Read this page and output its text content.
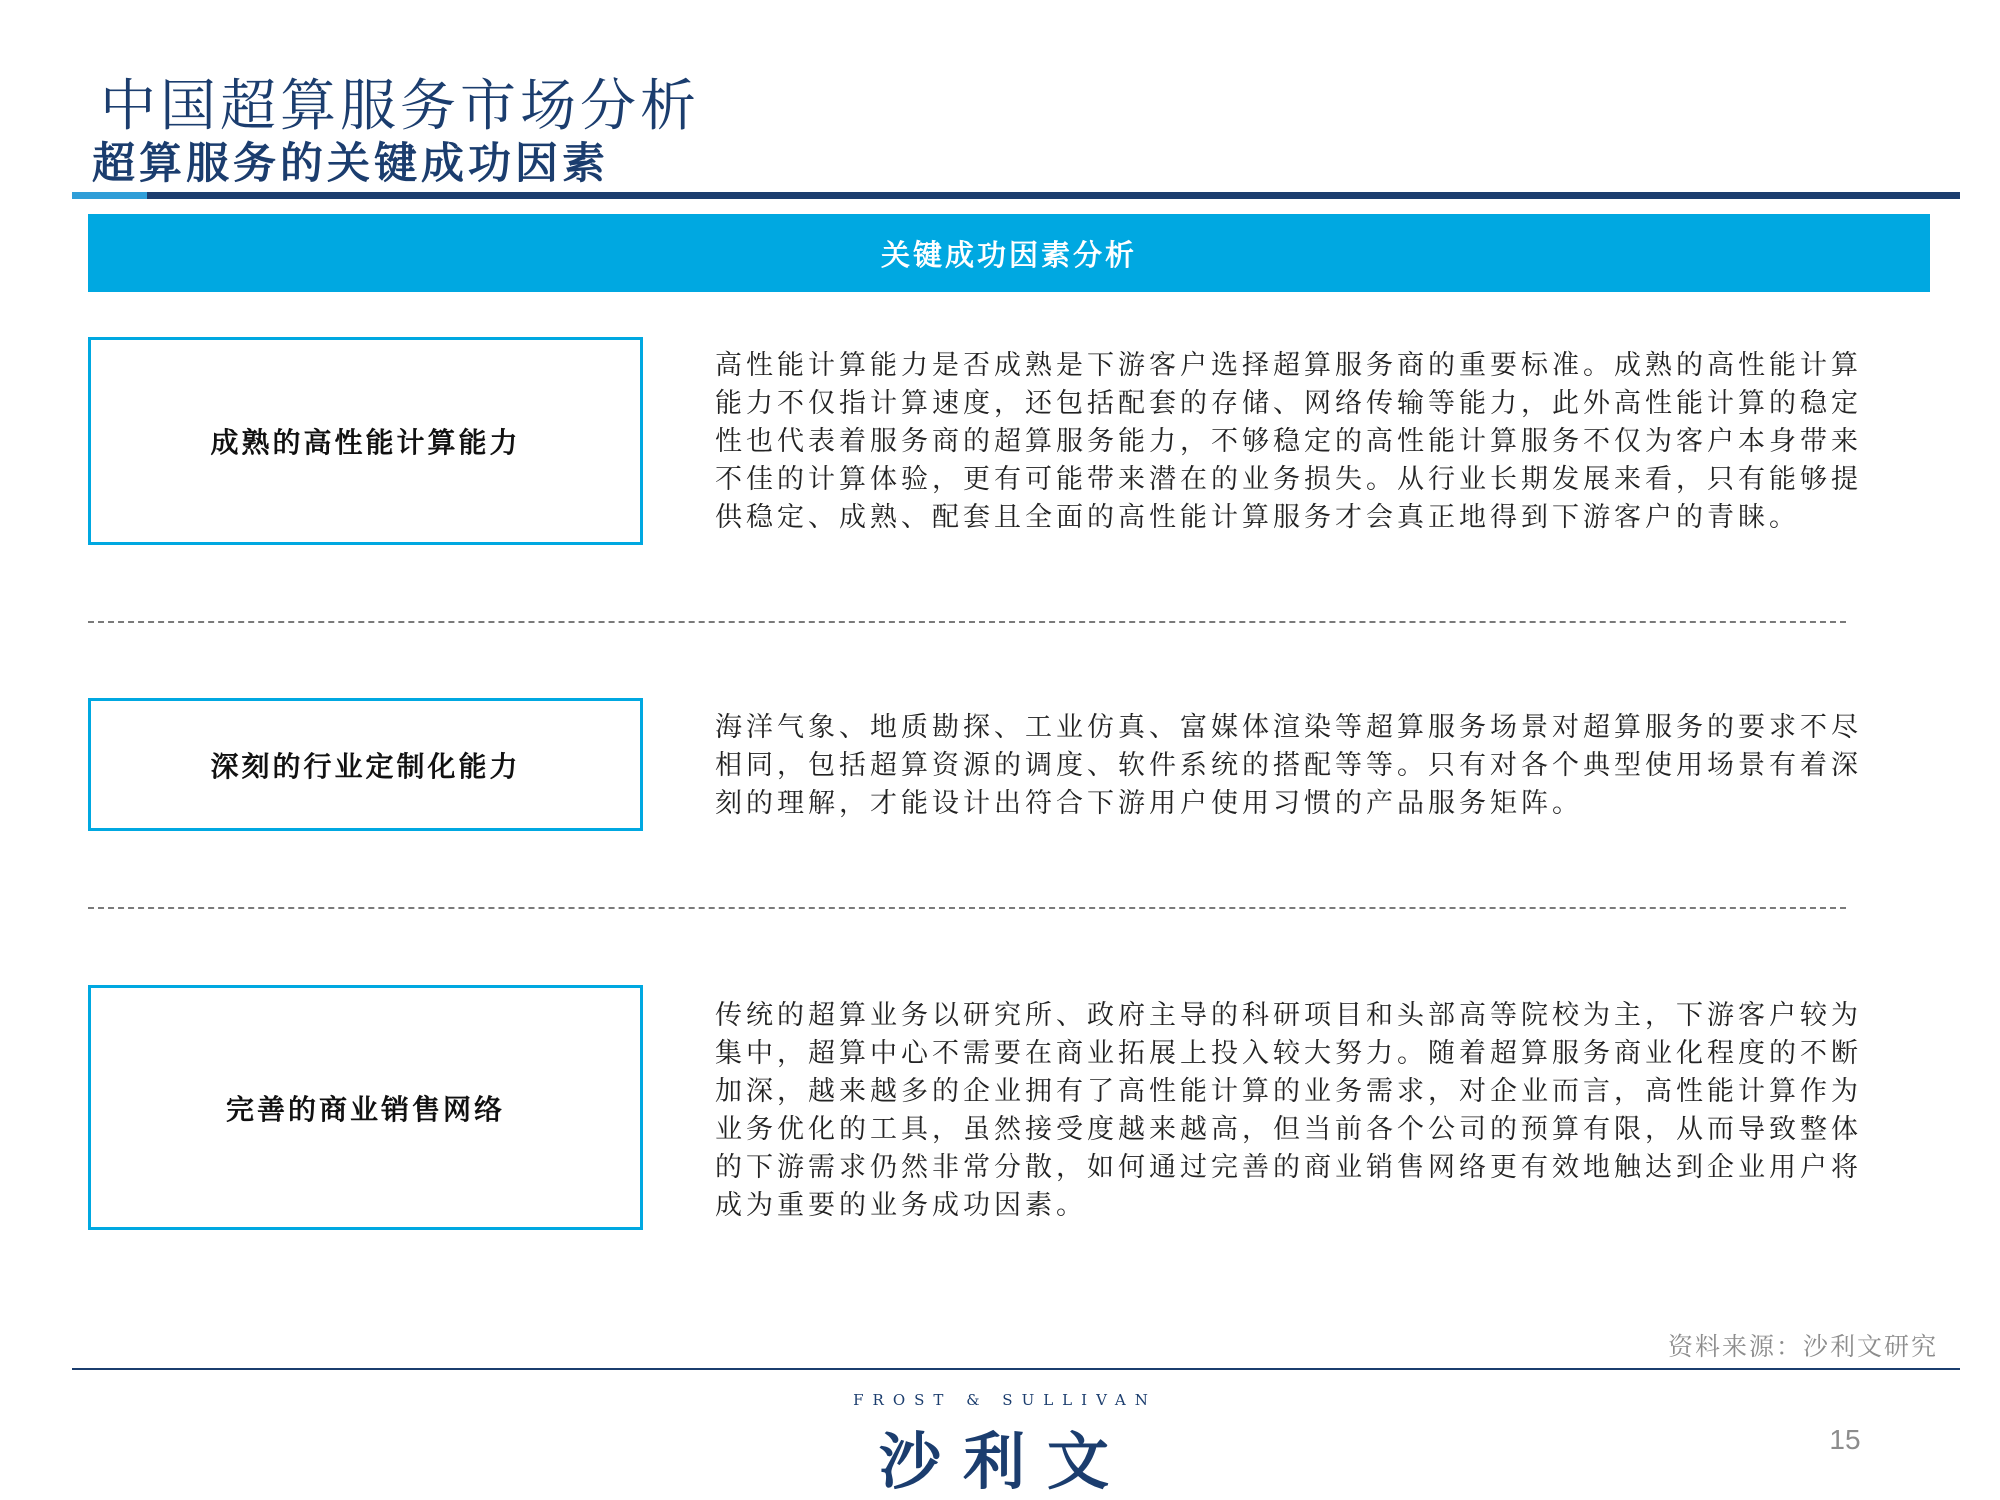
中国超算服务市场分析
超算服务的关键成功因素
关键成功因素分析
成熟的高性能计算能力
高性能计算能力是否成熟是下游客户选择超算服务商的重要标准。成熟的高性能计算能力不仅指计算速度，还包括配套的存储、网络传输等能力，此外高性能计算的稳定性也代表着服务商的超算服务能力，不够稳定的高性能计算服务不仅为客户本身带来不佳的计算体验，更有可能带来潜在的业务损失。从行业长期发展来看，只有能够提供稳定、成熟、配套且全面的高性能计算服务才会真正地得到下游客户的青睐。
深刻的行业定制化能力
海洋气象、地质勘探、工业仿真、富媒体渲染等超算服务场景对超算服务的要求不尽相同，包括超算资源的调度、软件系统的搭配等等。只有对各个典型使用场景有着深刻的理解，才能设计出符合下游用户使用习惯的产品服务矩阵。
完善的商业销售网络
传统的超算业务以研究所、政府主导的科研项目和头部高等院校为主，下游客户较为集中，超算中心不需要在商业拓展上投入较大努力。随着超算服务商业化程度的不断加深，越来越多的企业拥有了高性能计算的业务需求，对企业而言，高性能计算作为业务优化的工具，虽然接受度越来越高，但当前各个公司的预算有限，从而导致整体的下游需求仍然非常分散，如何通过完善的商业销售网络更有效地触达到企业用户将成为重要的业务成功因素。
资料来源：沙利文研究
FROST & SULLIVAN
沙利文	15
